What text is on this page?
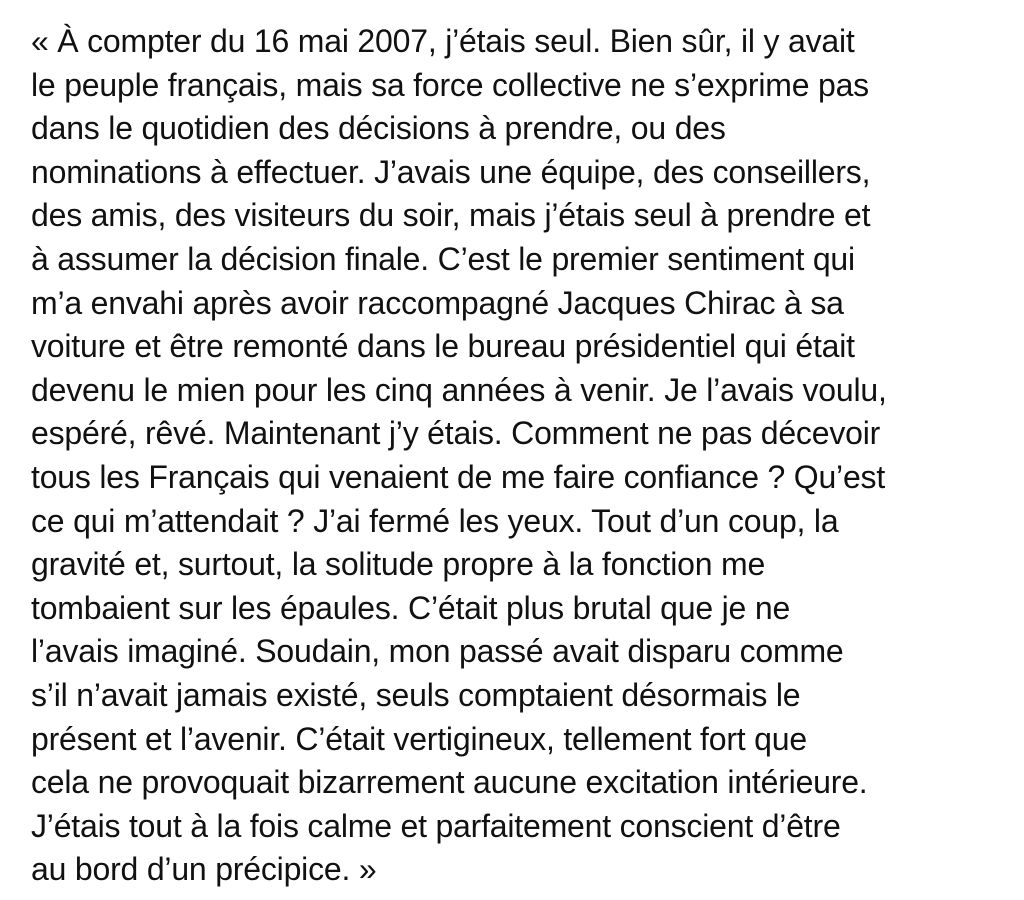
« À compter du 16 mai 2007, j’étais seul. Bien sûr, il y avait
le peuple français, mais sa force collective ne s’exprime pas
dans le quotidien des décisions à prendre, ou des
nominations à effectuer. J’avais une équipe, des conseillers,
des amis, des visiteurs du soir, mais j’étais seul à prendre et
à assumer la décision finale. C’est le premier sentiment qui
m’a envahi après avoir raccompagné Jacques Chirac à sa
voiture et être remonté dans le bureau présidentiel qui était
devenu le mien pour les cinq années à venir. Je l’avais voulu,
espéré, rêvé. Maintenant j’y étais. Comment ne pas décevoir
tous les Français qui venaient de me faire confiance ? Qu’est
ce qui m’attendait ? J’ai fermé les yeux. Tout d’un coup, la
gravité et, surtout, la solitude propre à la fonction me
tombaient sur les épaules. C’était plus brutal que je ne
l’avais imaginé. Soudain, mon passé avait disparu comme
s’il n’avait jamais existé, seuls comptaient désormais le
présent et l’avenir. C’était vertigineux, tellement fort que
cela ne provoquait bizarrement aucune excitation intérieure.
J’étais tout à la fois calme et parfaitement conscient d’être
au bord d’un précipice. »
